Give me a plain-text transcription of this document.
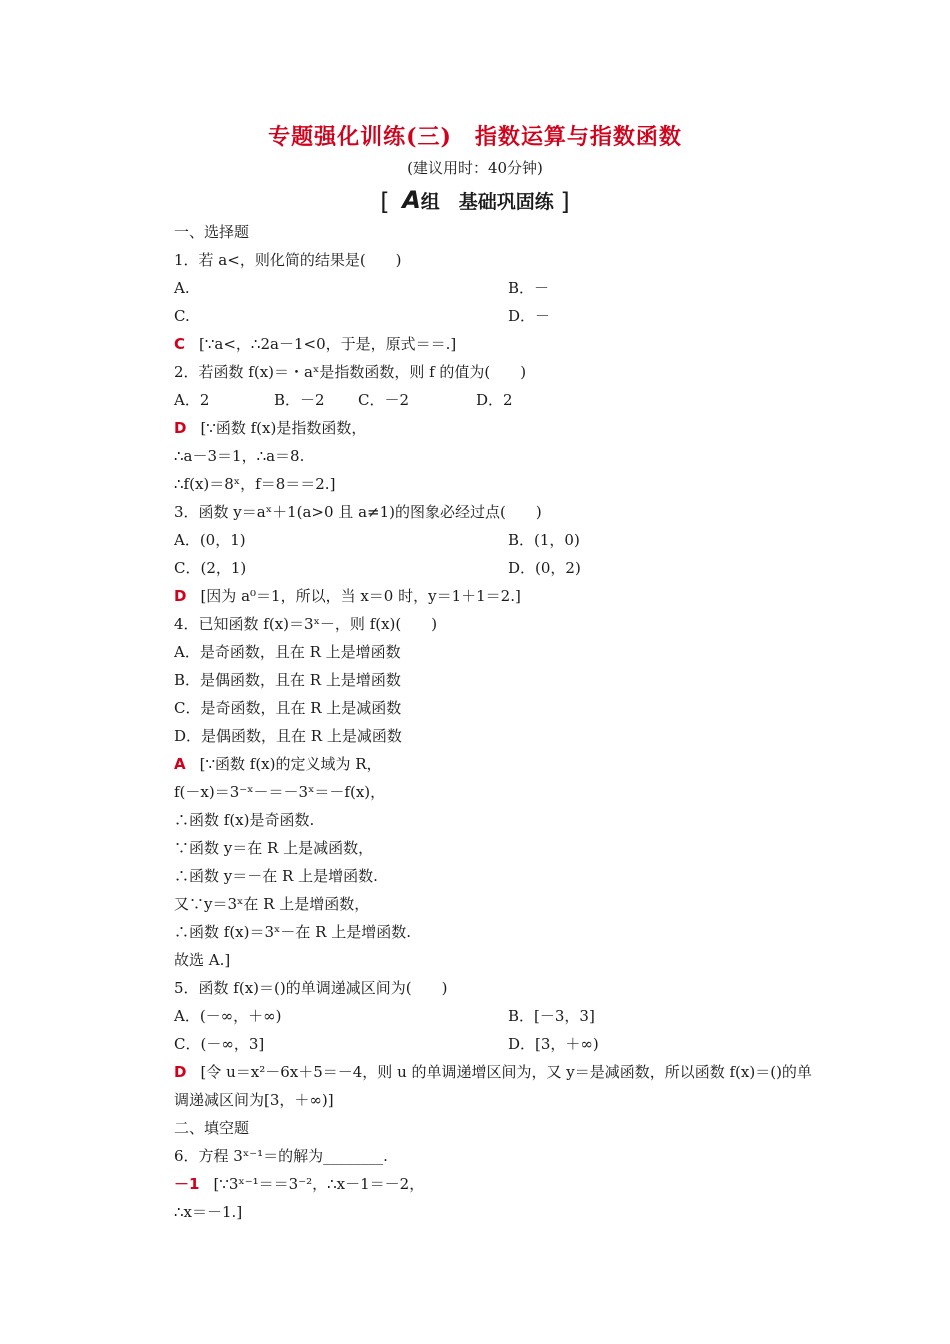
专题强化训练(三)　指数运算与指数函数
(建议用时：40分钟)
[ A组　基础巩固练 ]
一、选择题
1．若 a<，则化简的结果是(　　)
A.	B．－
C.	D．－
C [∵a<，∴2a－1<0，于是，原式＝＝.]
2．若函数 f(x)＝・aˣ是指数函数，则 f 的值为(　　)
A．2	B．－2 C．－2	D．2
D [∵函数 f(x)是指数函数，
∴a－3＝1，∴a＝8.
∴f(x)＝8ˣ，f＝8＝＝2.]
3．函数 y＝aˣ＋1(a>0 且 a≠1)的图象必经过点(　　)
A．(0，1)	B．(1，0)
C．(2，1)	D．(0，2)
D [因为 a⁰＝1，所以，当 x＝0 时，y＝1＋1＝2.]
4．已知函数 f(x)＝3ˣ－，则 f(x)(　　)
A．是奇函数，且在 R 上是增函数
B．是偶函数，且在 R 上是增函数
C．是奇函数，且在 R 上是减函数
D．是偶函数，且在 R 上是减函数
A [∵函数 f(x)的定义域为 R，
f(－x)＝3⁻ˣ－＝－3ˣ＝－f(x)，
∴函数 f(x)是奇函数.
∵函数 y＝在 R 上是减函数，
∴函数 y＝－在 R 上是增函数.
又∵y＝3ˣ在 R 上是增函数，
∴函数 f(x)＝3ˣ－在 R 上是增函数.
故选 A.]
5．函数 f(x)＝()的单调递减区间为(　　)
A．(－∞，＋∞)	B．[－3，3]
C．(－∞，3]	D．[3，＋∞)
D [令 u＝x²－6x＋5＝－4，则 u 的单调递增区间为，又 y＝是减函数，所以函数 f(x)＝()的单调递减区间为[3，＋∞)]
二、填空题
6．方程 3ˣ⁻¹＝的解为________.
－1 [∵3ˣ⁻¹＝＝3⁻²，∴x－1＝－2，
∴x＝－1.]
